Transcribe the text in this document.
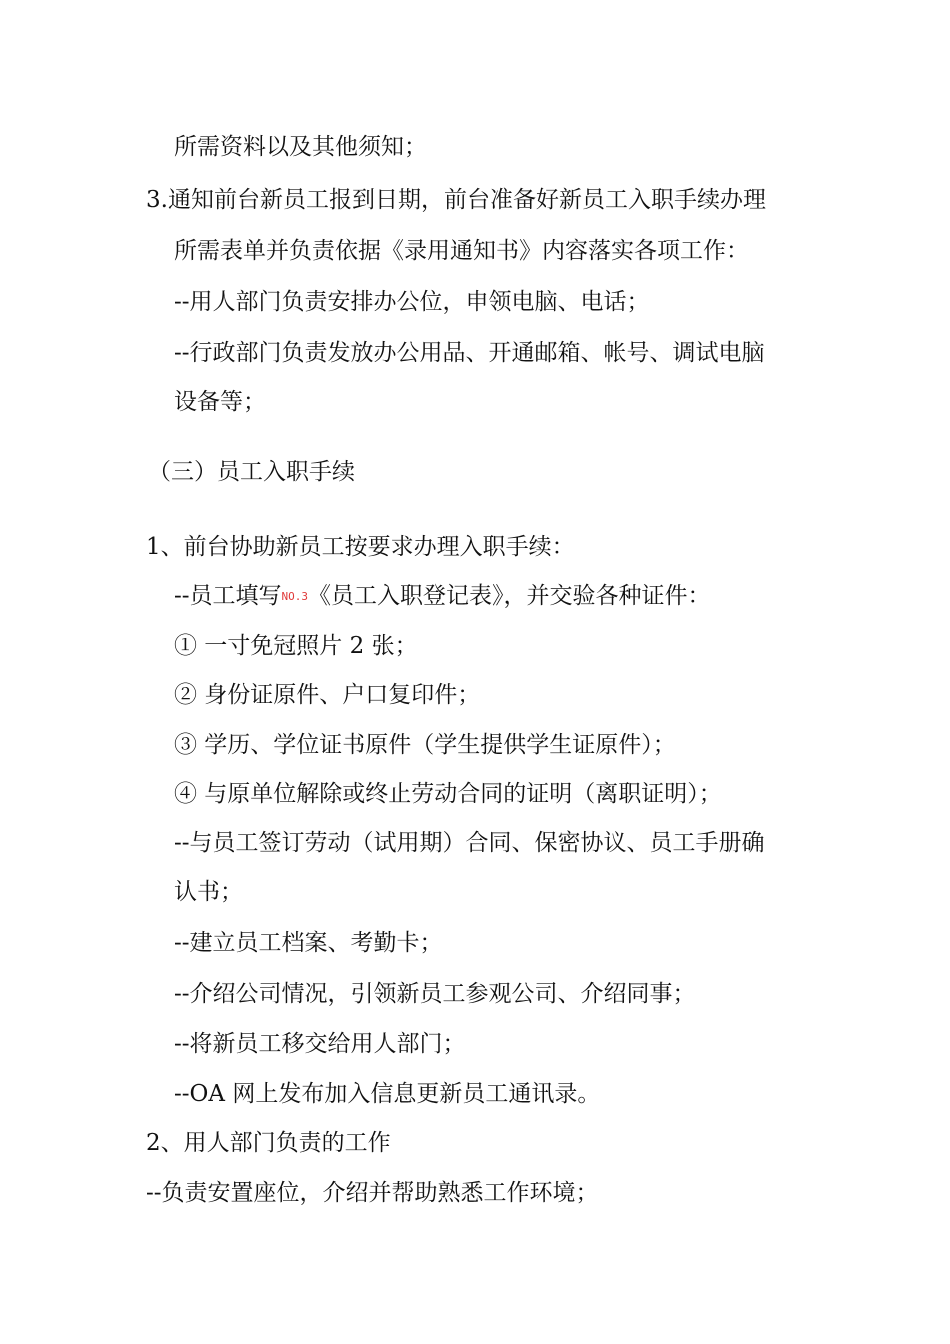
所需资料以及其他须知；
3.通知前台新员工报到日期，前台准备好新员工入职手续办理
所需表单并负责依据《录用通知书》内容落实各项工作：
--用人部门负责安排办公位，申领电脑、电话；
--行政部门负责发放办公用品、开通邮箱、帐号、调试电脑
设备等；
（三）员工入职手续
1、前台协助新员工按要求办理入职手续：
--员工填写NO.3《员工入职登记表》，并交验各种证件：
① 一寸免冠照片 2 张；
② 身份证原件、户口复印件；
③ 学历、学位证书原件（学生提供学生证原件）；
④ 与原单位解除或终止劳动合同的证明（离职证明）；
--与员工签订劳动（试用期）合同、保密协议、员工手册确
认书；
--建立员工档案、考勤卡；
--介绍公司情况，引领新员工参观公司、介绍同事；
--将新员工移交给用人部门；
--OA 网上发布加入信息更新员工通讯录。
2、用人部门负责的工作
--负责安置座位，介绍并帮助熟悉工作环境；
